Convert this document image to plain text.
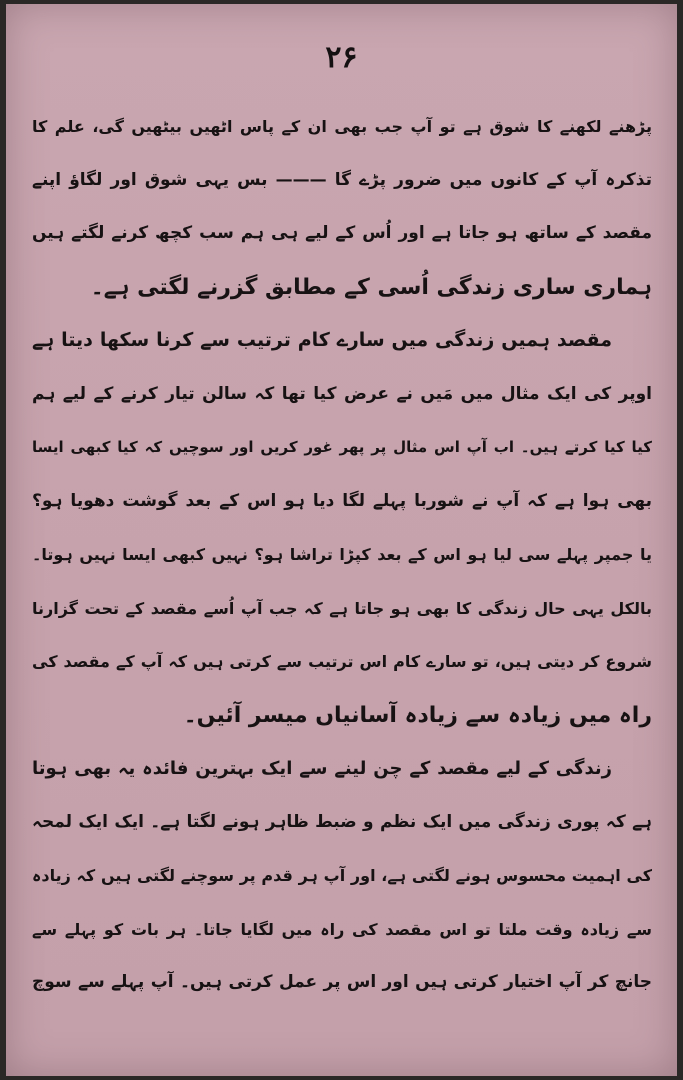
۲۶
پڑھنے لکھنے کا شوق ہے تو آپ جب بھی ان کے پاس اٹھیں بیٹھیں گی، علم کا
تذکرہ آپ کے کانوں میں ضرور پڑے گا ——— بس یہی شوق اور لگاؤ اپنے
مقصد کے ساتھ ہو جاتا ہے اور اُس کے لیے ہی ہم سب کچھ کرنے لگتے ہیں
ہماری ساری زندگی اُسی کے مطابق گزرنے لگتی ہے۔
مقصد ہمیں زندگی میں سارے کام ترتیب سے کرنا سکھا دیتا ہے
اوپر کی ایک مثال میں مَیں نے عرض کیا تھا کہ سالن تیار کرنے کے لیے ہم
کیا کیا کرتے ہیں۔ اب آپ اس مثال پر پھر غور کریں اور سوچیں کہ کیا کبھی ایسا
بھی ہوا ہے کہ آپ نے شوربا پہلے لگا دیا ہو اس کے بعد گوشت دھویا ہو؟
یا جمپر پہلے سی لیا ہو اس کے بعد کپڑا تراشا ہو؟ نہیں کبھی ایسا نہیں ہوتا۔
بالکل یہی حال زندگی کا بھی ہو جاتا ہے کہ جب آپ اُسے مقصد کے تحت گزارنا
شروع کر دیتی ہیں، تو سارے کام اس ترتیب سے کرتی ہیں کہ آپ کے مقصد کی
راہ میں زیادہ سے زیادہ آسانیاں میسر آئیں۔
زندگی کے لیے مقصد کے چن لینے سے ایک بہترین فائدہ یہ بھی ہوتا
ہے کہ پوری زندگی میں ایک نظم و ضبط ظاہر ہونے لگتا ہے۔ ایک ایک لمحہ
کی اہمیت محسوس ہونے لگتی ہے، اور آپ ہر قدم پر سوچنے لگتی ہیں کہ زیادہ
سے زیادہ وقت ملتا تو اس مقصد کی راہ میں لگایا جاتا۔ ہر بات کو پہلے سے
جانچ کر آپ اختیار کرتی ہیں اور اس پر عمل کرتی ہیں۔ آپ پہلے سے سوچ
